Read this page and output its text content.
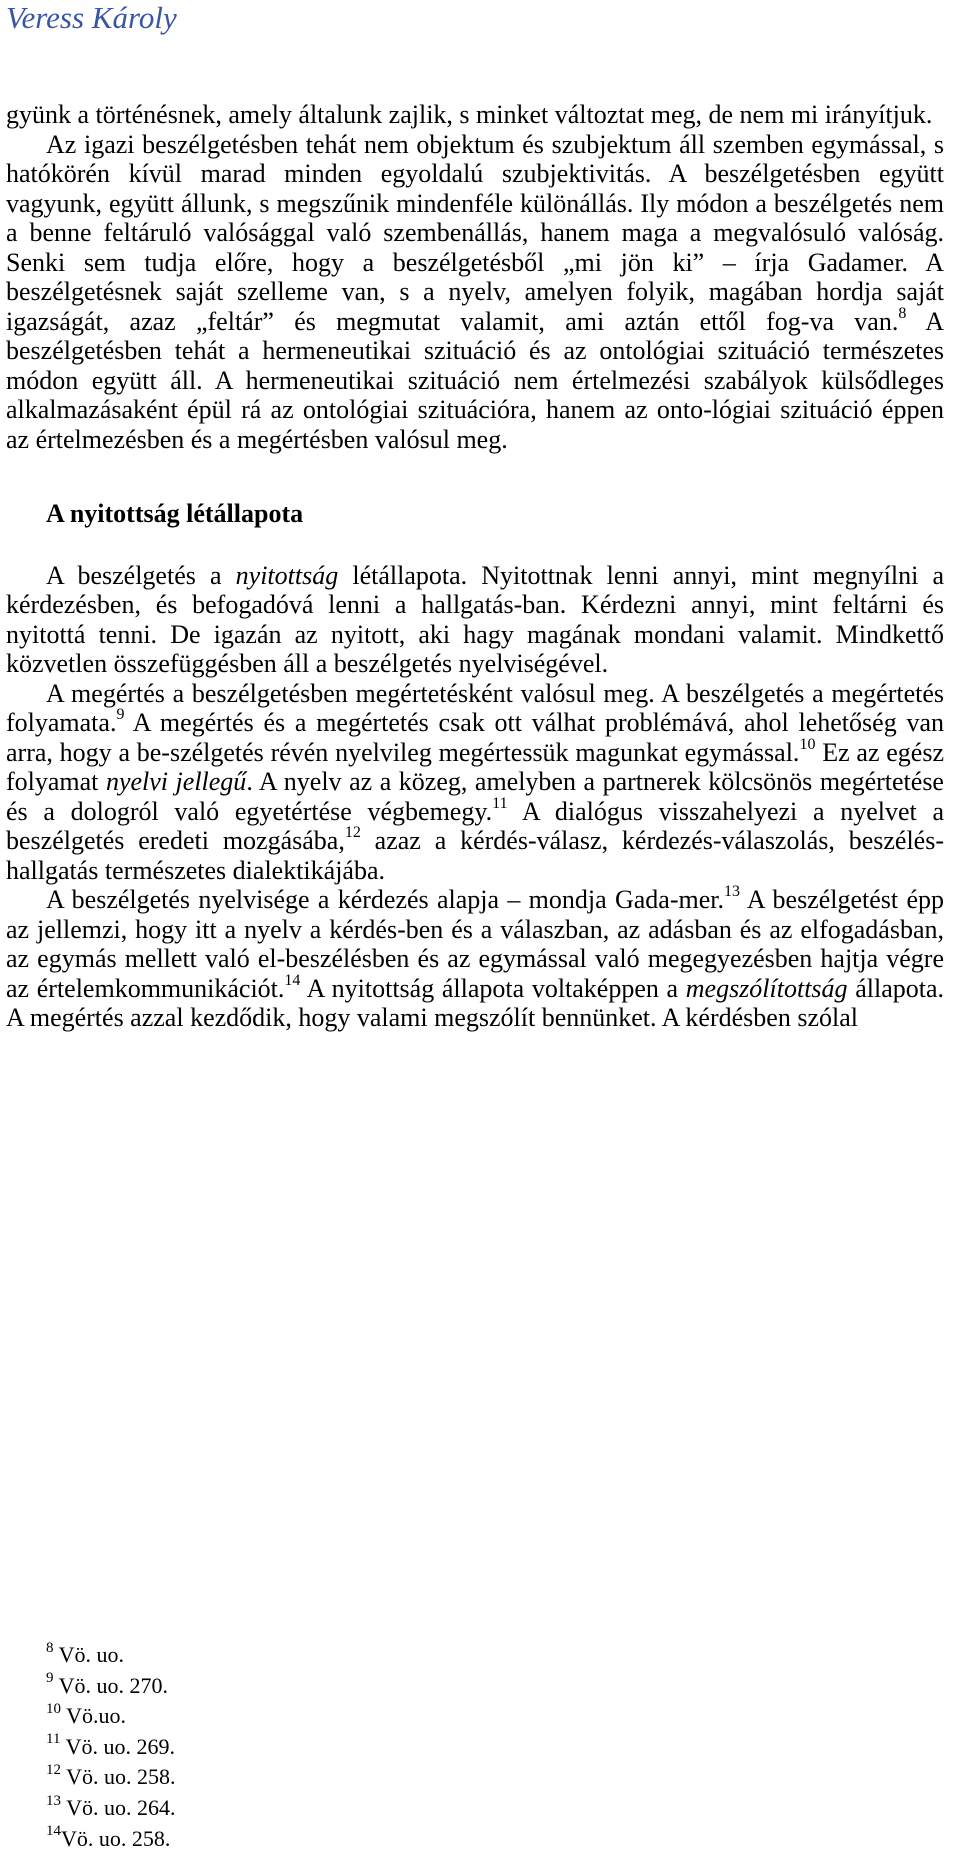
Veress Károly

gyünk a történésnek, amely általunk zajlik, s minket változtat meg, de nem mi irányítjuk.

Az igazi beszélgetésben tehát nem objektum és szubjektum áll szemben egymással, s hatókörén kívül marad minden egyoldalú szubjektivitás. A beszélgetésben együtt vagyunk, együtt állunk, s megszűnik mindenféle különállás. Ily módon a beszélgetés nem a benne feltáruló valósággal való szembenállás, hanem maga a megvalósuló valóság. Senki sem tudja előre, hogy a beszélgetésből „mi jön ki” – írja Gadamer. A beszélgetésnek saját szelleme van, s a nyelv, amelyen folyik, magában hordja saját igazságát, azaz „feltár” és megmutat valamit, ami aztán ettől fog-va van.$^8$ A beszélgetésben tehát a hermeneutikai szituáció és az ontológiai szituáció természetes módon együtt áll. A hermeneutikai szituáció nem értelmezési szabályok külsődleges alkalmazásaként épül rá az ontológiai szituációra, hanem az onto-lógiai szituáció éppen az értelmezésben és a megértésben valósul meg.

A nyitottság létállapota

A beszélgetés a nyitottság létállapota. Nyitottnak lenni annyi, mint megnyílni a kérdezésben, és befogadóvá lenni a hallgatás-ban. Kérdezni annyi, mint feltárni és nyitottá tenni. De igazán az nyitott, aki hagy magának mondani valamit. Mindkettő közvetlen összefüggésben áll a beszélgetés nyelviségével.

A megértés a beszélgetésben megértetésként valósul meg. A beszélgetés a megértetés folyamata.$^9$ A megértés és a megértetés csak ott válhat problémává, ahol lehetőség van arra, hogy a be-szélgetés révén nyelvileg megértessük magunkat egymással.$^{10}$ Ez az egész folyamat nyelvi jellegű. A nyelv az a közeg, amelyben a partnerek kölcsönös megértetése és a dologról való egyetértése végbemegy.$^{11}$ A dialógus visszahelyezi a nyelvet a beszélgetés eredeti mozgásába,$^{12}$ azaz a kérdés-válasz, kérdezés-válaszolás, beszélés-hallgatás természetes dialektikájába.

A beszélgetés nyelvisége a kérdezés alapja – mondja Gada-mer.$^{13}$ A beszélgetést épp az jellemzi, hogy itt a nyelv a kérdés-ben és a válaszban, az adásban és az elfogadásban, az egymás mellett való el-beszélésben és az egymással való megegyezésben hajtja végre az értelemkommunikációt.$^{14}$ A nyitottság állapota voltaképpen a megszólítottság állapota. A megértés azzal kezdődik, hogy valami megszólít bennünket. A kérdésben szólal

$^8$ Vö. uo.
$^9$ Vö. uo. 270.
$^{10}$ Vö.uo.
$^{11}$ Vö. uo. 269.
$^{12}$ Vö. uo. 258.
$^{13}$ Vö. uo. 264.
$^{14}$Vö. uo. 258.
